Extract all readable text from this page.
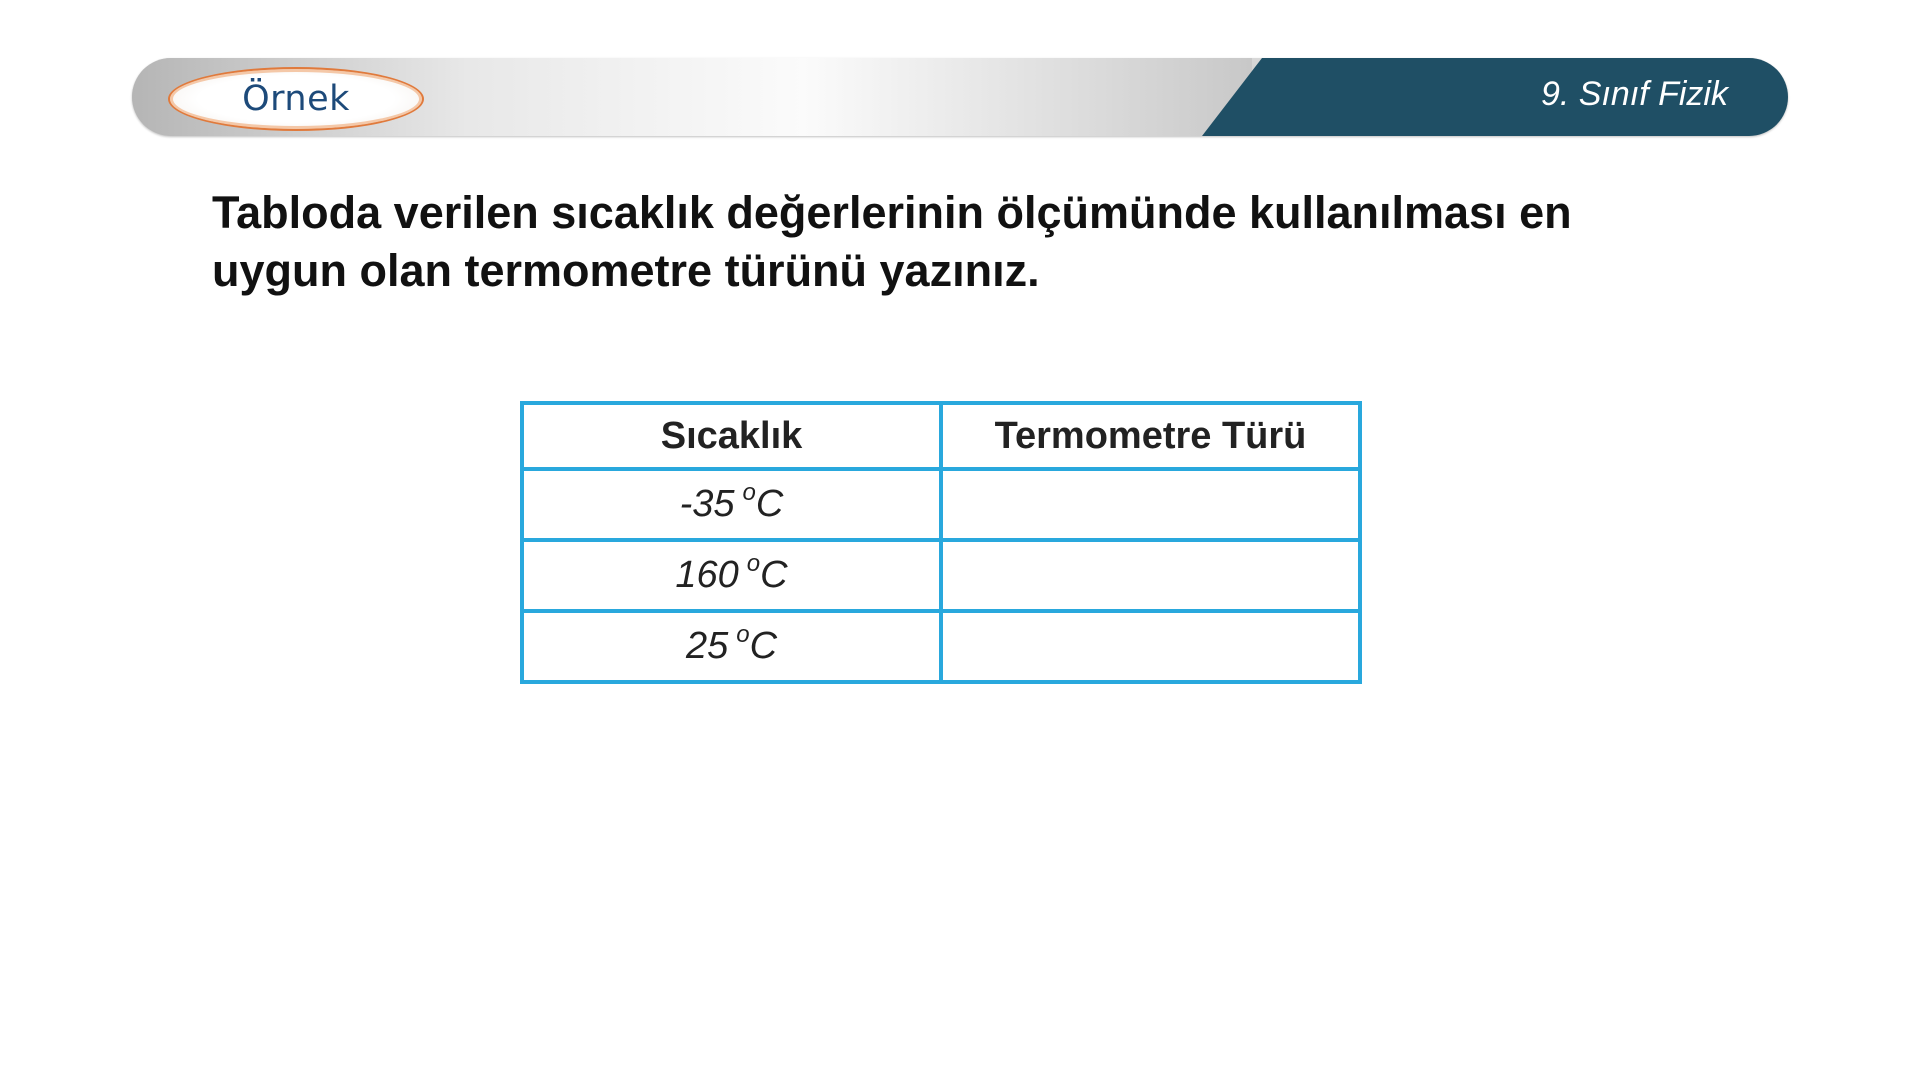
Örnek	9. Sınıf Fizik
Tabloda verilen sıcaklık değerlerinin ölçümünde kullanılması en
uygun olan termometre türünü yazınız.
Sıcaklık	Termometre Türü
-35 $^o$C	
160 $^o$C	
25 $^o$C	
